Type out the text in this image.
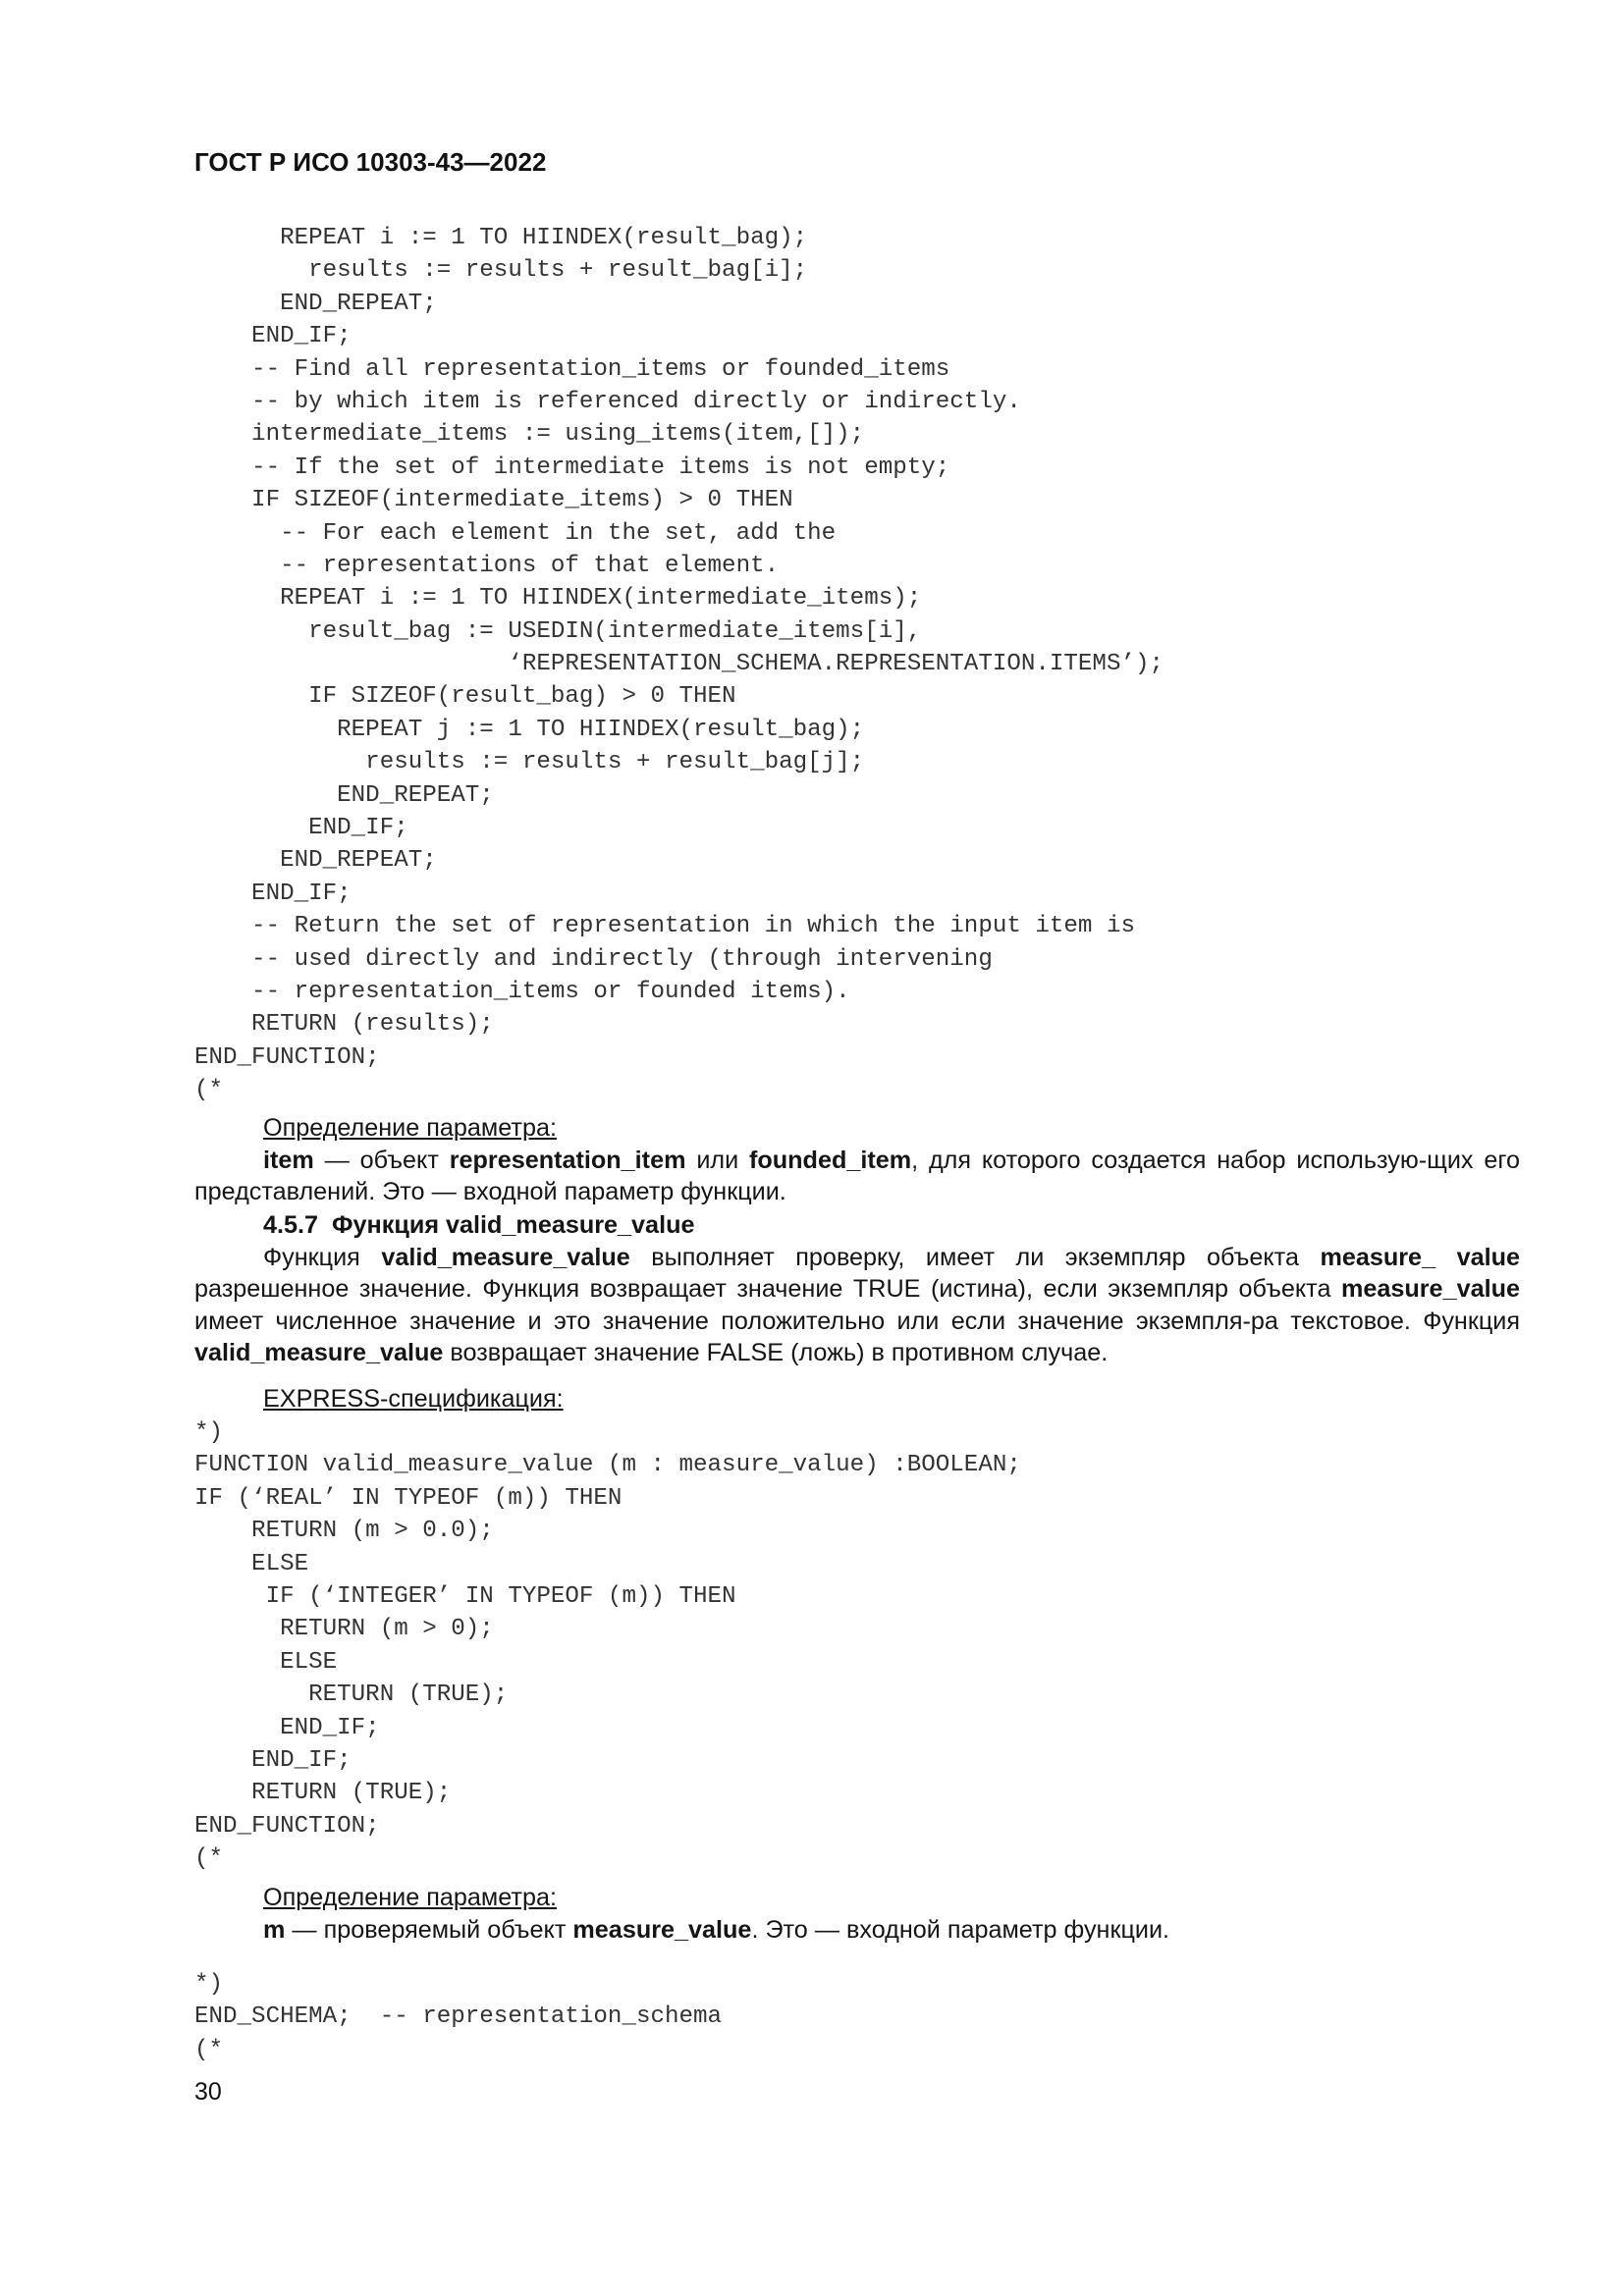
ГОСТ Р ИСО 10303-43—2022
REPEAT i := 1 TO HIINDEX(result_bag);
results := results + result_bag[i];
END_REPEAT;
END_IF;
-- Find all representation_items or founded_items
-- by which item is referenced directly or indirectly.
intermediate_items := using_items(item,[]);
-- If the set of intermediate items is not empty;
IF SIZEOF(intermediate_items) > 0 THEN
-- For each element in the set, add the
-- representations of that element.
REPEAT i := 1 TO HIINDEX(intermediate_items);
result_bag := USEDIN(intermediate_items[i],
‘REPRESENTATION_SCHEMA.REPRESENTATION.ITEMS’);
IF SIZEOF(result_bag) > 0 THEN
REPEAT j := 1 TO HIINDEX(result_bag);
results := results + result_bag[j];
END_REPEAT;
END_IF;
END_REPEAT;
END_IF;
-- Return the set of representation in which the input item is
-- used directly and indirectly (through intervening
-- representation_items or founded items).
RETURN (results);
END_FUNCTION;
(*

Определение параметра:

item — объект representation_item или founded_item, для которого создается набор использую-щих его представлений. Это — входной параметр функции.

4.5.7 Функция valid_measure_value

Функция valid_measure_value выполняет проверку, имеет ли экземпляр объекта measure_ value разрешенное значение. Функция возвращает значение TRUE (истина), если экземпляр объекта measure_value имеет численное значение и это значение положительно или если значение экземпля-ра текстовое. Функция valid_measure_value возвращает значение FALSE (ложь) в противном случае.

EXPRESS-спецификация:

*)
FUNCTION valid_measure_value (m : measure_value) :BOOLEAN;
IF (‘REAL’ IN TYPEOF (m)) THEN
RETURN (m > 0.0);
ELSE
IF (‘INTEGER’ IN TYPEOF (m)) THEN
RETURN (m > 0);
ELSE
RETURN (TRUE);
END_IF;
END_IF;
RETURN (TRUE);
END_FUNCTION;
(*

Определение параметра:

m — проверяемый объект measure_value. Это — входной параметр функции.

*)
END_SCHEMA;  -- representation_schema
(*
30
